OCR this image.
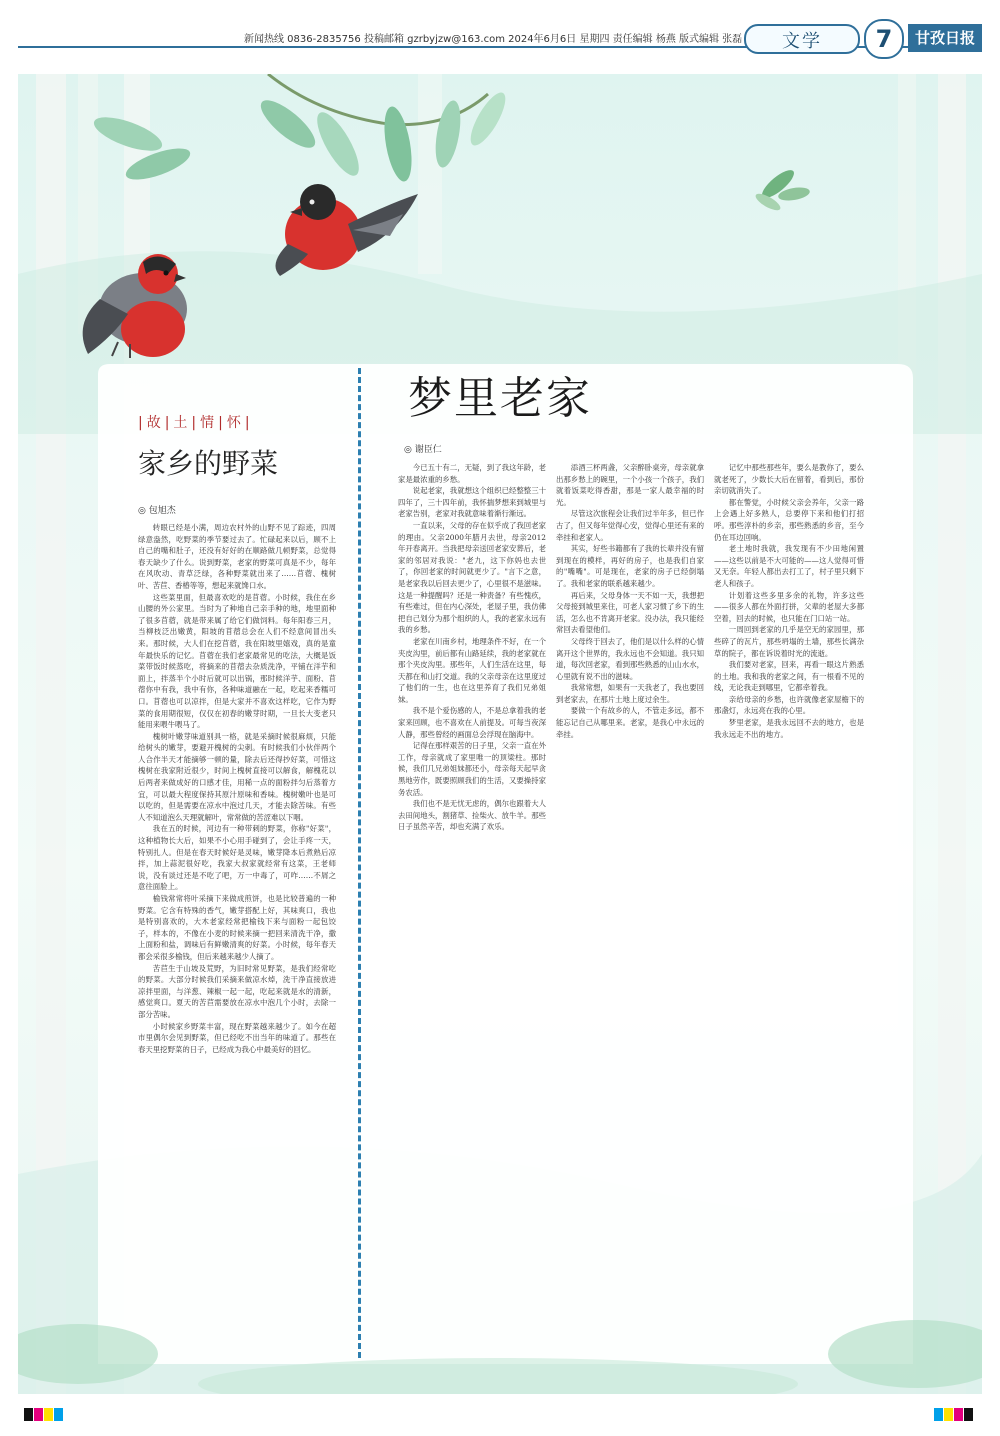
新闻热线 0836-2835756 投稿邮箱 gzrbyjzw@163.com 2024年6月6日 星期四 责任编辑 杨燕 版式编辑 张磊	文学	7	甘孜日报
|故|土|情|怀|
家乡的野菜
◎ 包旭杰

转眼已经是小满，周边农村外的山野不见了踪迹，四周绿意盎然，吃野菜的季节要过去了。忙碌起来以后，顾不上自己的嘴和肚子，还没有好好的在顺路做几顿野菜，总觉得春天缺少了什么。说到野菜，老家的野菜可真是不少，每年在风吹动、青草泛绿，各种野菜就出来了……苜蓿、槐树叶、苦苣、香椿等等，想起来就馋口水。

这些菜里面，但最喜欢吃的是苜蓿。小时候，我住在乡山腰的外公家里。当时为了种地自己亲手种的地，地里面种了很多苜蓿，就是带来属了给它们做饲料。每年阳春三月，当柳枝泛出嫩黄，阳坡的苜蓿总会在人们不经意间冒出头来。那时候，大人们在挖苜蓿，我在阳坡里嬉戏，真的是童年最快乐的记忆。苜蓿在我们老家最常见的吃法，大概是饭菜带饭时候蒸吃，将摘来的苜蓿去杂质洗净，平铺在洋芋和面上，拌蒸半个小时后就可以出锅，那时候洋芋、面粉、苜蓿你中有我，我中有你，各种味道融在一起，吃起来香糯可口。苜蓿也可以凉拌，但是大家并不喜欢这样吃，它作为野菜的食用期很短，仅仅在初春的嫩芽时期，一旦长大变老只能用来喂牛喂马了。

槐树叶嫩芽味道别具一格，就是采摘时候很麻烦，只能给树头的嫩芽，要避开槐树的尖刺。有时候我们小伙伴两个人合作半天才能摘够一顿的量，除去后还得抄好菜，可惜这槐树在我家附近很少，时间上槐树直接可以解食，解槐花以后两者来做成好的口感才佳，用稀一点的面粉拌匀后蒸着方宜，可以最大程度保持其原汁原味和香味。槐树嫩叶也是可以吃的，但是需要在凉水中泡过几天，才能去除苦味。有些人不知道泡么天理就解叶，常常做的苦涩难以下咽。

我在五的时候，河边有一种带刺的野菜，你称"好菜"，这种植物长大后，如果不小心用手碰到了，会让手疼一天，特别扎人。但是在春天时候好是灵味，嫩芽降本后煮熟后凉拌，加上蒜泥很好吃，我家大叔家就经常有这菜，王老师说，没有谈过还是不吃了吧，万一中毒了，可咋……不屑之意往面脸上。

榆钱常常将叶采摘下来做成煎饼，也是比较普遍的一种野菜。它含有特殊的香气，嫩芽搭配上好，其味爽口，我也是特别喜欢的，大木老家经常把榆钱下来与面粉一起包饺子，样本的，不像在小麦的时候来摘一把回来清洗干净，撒上面粉和盐，调味后有鲜嫩清爽的好菜。小时候，每年春天都会采很多榆钱，但后来越来越少人摘了。

苦苣生于山坡及荒野，为旧时常见野菜，是我们经常吃的野菜。大部分时候我们采摘来做凉水焯，洗干净直接放进凉拌里面，与洋葱、辣椒一起一起，吃起来就是水的清新，感觉爽口。夏天的苦苣需要放在凉水中泡几个小时，去除一部分苦味。

小时候家乡野菜丰富，现在野菜越来越少了。如今在超市里偶尔会见到野菜，但已经吃不出当年的味道了。那些在春天里挖野菜的日子，已经成为我心中最美好的回忆。

梦里老家
◎ 谢臣仁

今已五十有二，无疑，到了我这年龄，老家是最浓重的乡愁。

说起老家，我就想这个组织已经整整三十四年了，三十四年前，我怀揣梦想来到城里与老家告别，老家对我就意味着渐行渐远。

一直以来，父母的存在似乎成了我回老家的理由。父亲2000年腊月去世，母亲2012年开春离开。当我把母亲送回老家安葬后，老家的邻居对我说："老九，这下你妈也去世了，你回老家的时间就更少了。"言下之意，是老家我以后回去更少了，心里很不是滋味。这是一种提醒吗？还是一种责备？有些愧疚，有些难过，但在内心深处，老屋子里，我仿佛把自己划分为那个组织的人，我的老家永远有我的乡愁。

老家在川南乡村，地理条件不好，在一个夹皮沟里，前后都有山路延续，我的老家就在那个夹皮沟里。那些年，人们生活在这里，每天都在和山打交道。我的父亲母亲在这里度过了他们的一生，也在这里养育了我们兄弟姐妹。

我不是个爱伤感的人，不是总拿着我的老家来回顾，也不喜欢在人前提及。可每当夜深人静，那些曾经的画面总会浮现在脑海中。

记得在那样艰苦的日子里，父亲一直在外工作，母亲就成了家里唯一的顶梁柱。那时候，我们几兄弟姐妹都还小，母亲每天起早贪黑地劳作，既要照顾我们的生活，又要操持家务农活。

我们也不是无忧无虑的，偶尔也跟着大人去田间地头，割猪草、捡柴火、放牛羊。那些日子虽然辛苦，却也充满了欢乐。

添酒三杯两盏，父亲醉卧桌旁，母亲就拿出那乡愁上的碗里，一个小孩一个孩子，我们就着饭菜吃得香甜，那是一家人最幸福的时光。

尽管这次旅程会让我们过半年多，但已作古了，但又每年觉得心安，觉得心里还有来的牵挂和老家人。

其实，好些书籍都有了我的长辈并没有留到现在的模样，再好的房子，也是我们自家的"嘴嘴"。可是现在，老家的房子已经倒塌了。我和老家的联系越来越少。

再后来，父母身体一天不如一天，我想把父母接到城里来住，可老人家习惯了乡下的生活，怎么也不肯离开老家。没办法，我只能经常回去看望他们。

父母终于回去了，他们是以什么样的心情离开这个世界的，我永远也不会知道。我只知道，每次回老家，看到那些熟悉的山山水水，心里就有说不出的滋味。

我常常想，如果有一天我老了，我也要回到老家去，在那片土地上度过余生。

要做一个有故乡的人，不管走多远，都不能忘记自己从哪里来。老家，是我心中永远的牵挂。

记忆中那些那些年，要么是教你了，要么就老死了，少数长大后在留着，看到后，那份亲切就消失了。

都在警觉，小时候父亲会养年，父亲一路上会遇上好多熟人，总要停下来和他们打招呼。那些淳朴的乡亲，那些熟悉的乡音，至今仍在耳边回响。

老土地时我就，我发现有不少田地闲置——这些以前是不大可能的——这人觉得可惜又无奈。年轻人都出去打工了，村子里只剩下老人和孩子。

计划着这些多里多余的礼物，许多这些——很多人都在外面打拼，父辈的老屋大多都空着，回去的时候，也只能在门口站一站。

一周回到老家的几乎是空无的家园里，那些碎了的瓦片，那些坍塌的土墙，那些长满杂草的院子，都在诉说着时光的流逝。

我们要对老家，回来，再看一眼这片熟悉的土地。我和我的老家之间，有一根看不见的线，无论我走到哪里，它都牵着我。

亲给母亲的乡愁，也许就像老家屋檐下的那盏灯，永远亮在我的心里。

梦里老家，是我永远回不去的地方，也是我永远走不出的地方。
